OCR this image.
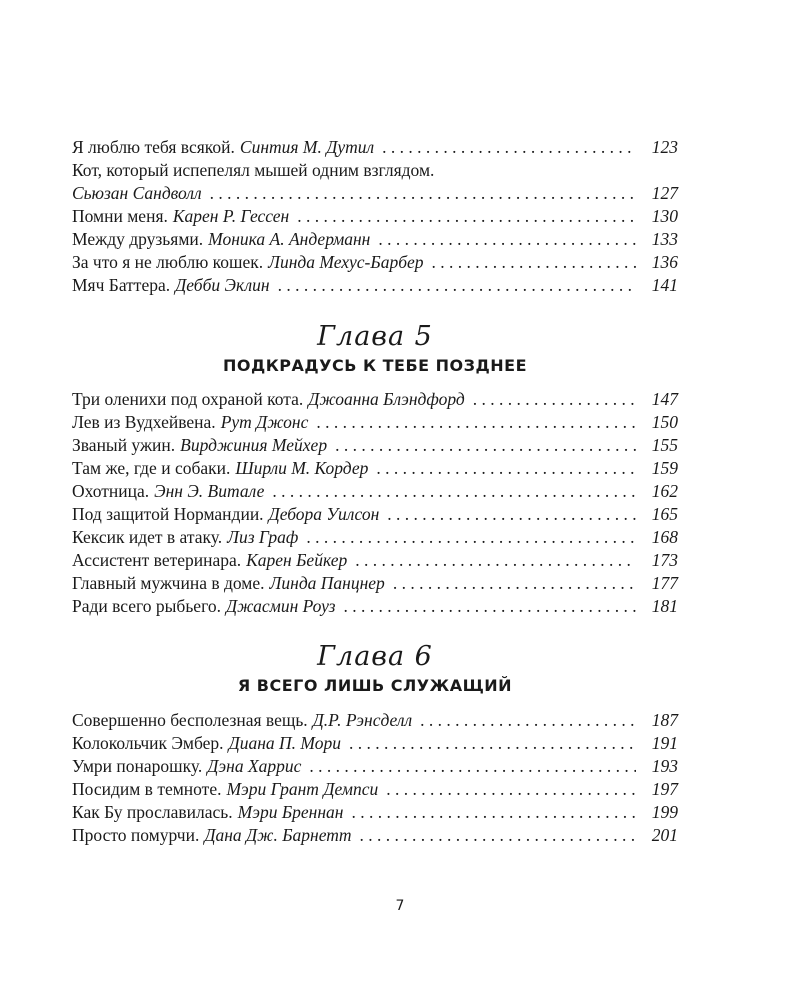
Я люблю тебя всякой. Синтия М. Дутил . . .	123
Кот, который испепелял мышей одним взглядом.
Сьюзан Сандволл . . .	127
Помни меня. Карен Р. Гессен . . .	130
Между друзьями. Моника А. Андерманн . . .	133
За что я не люблю кошек. Линда Мехус-Барбер . . .	136
Мяч Баттера. Дебби Эклин . . .	141
Глава 5
ПОДКРАДУСЬ К ТЕБЕ ПОЗДНЕЕ
Три оленихи под охраной кота. Джоанна Блэндфорд . . .	147
Лев из Вудхейвена. Рут Джонс . . .	150
Званый ужин. Вирджиния Мейхер . . .	155
Там же, где и собаки. Ширли М. Кордер . . .	159
Охотница. Энн Э. Витале . . .	162
Под защитой Нормандии. Дебора Уилсон . . .	165
Кексик идет в атаку. Лиз Граф . . .	168
Ассистент ветеринара. Карен Бейкер . . .	173
Главный мужчина в доме. Линда Панцнер . . .	177
Ради всего рыбьего. Джасмин Роуз . . .	181
Глава 6
Я ВСЕГО ЛИШЬ СЛУЖАЩИЙ
Совершенно бесполезная вещь. Д.Р. Рэнсделл . . .	187
Колокольчик Эмбер. Диана П. Мори . . .	191
Умри понарошку. Дэна Харрис . . .	193
Посидим в темноте. Мэри Грант Демпси . . .	197
Как Бу прославилась. Мэри Бреннан . . .	199
Просто помурчи. Дана Дж. Барнетт . . .	201
7
